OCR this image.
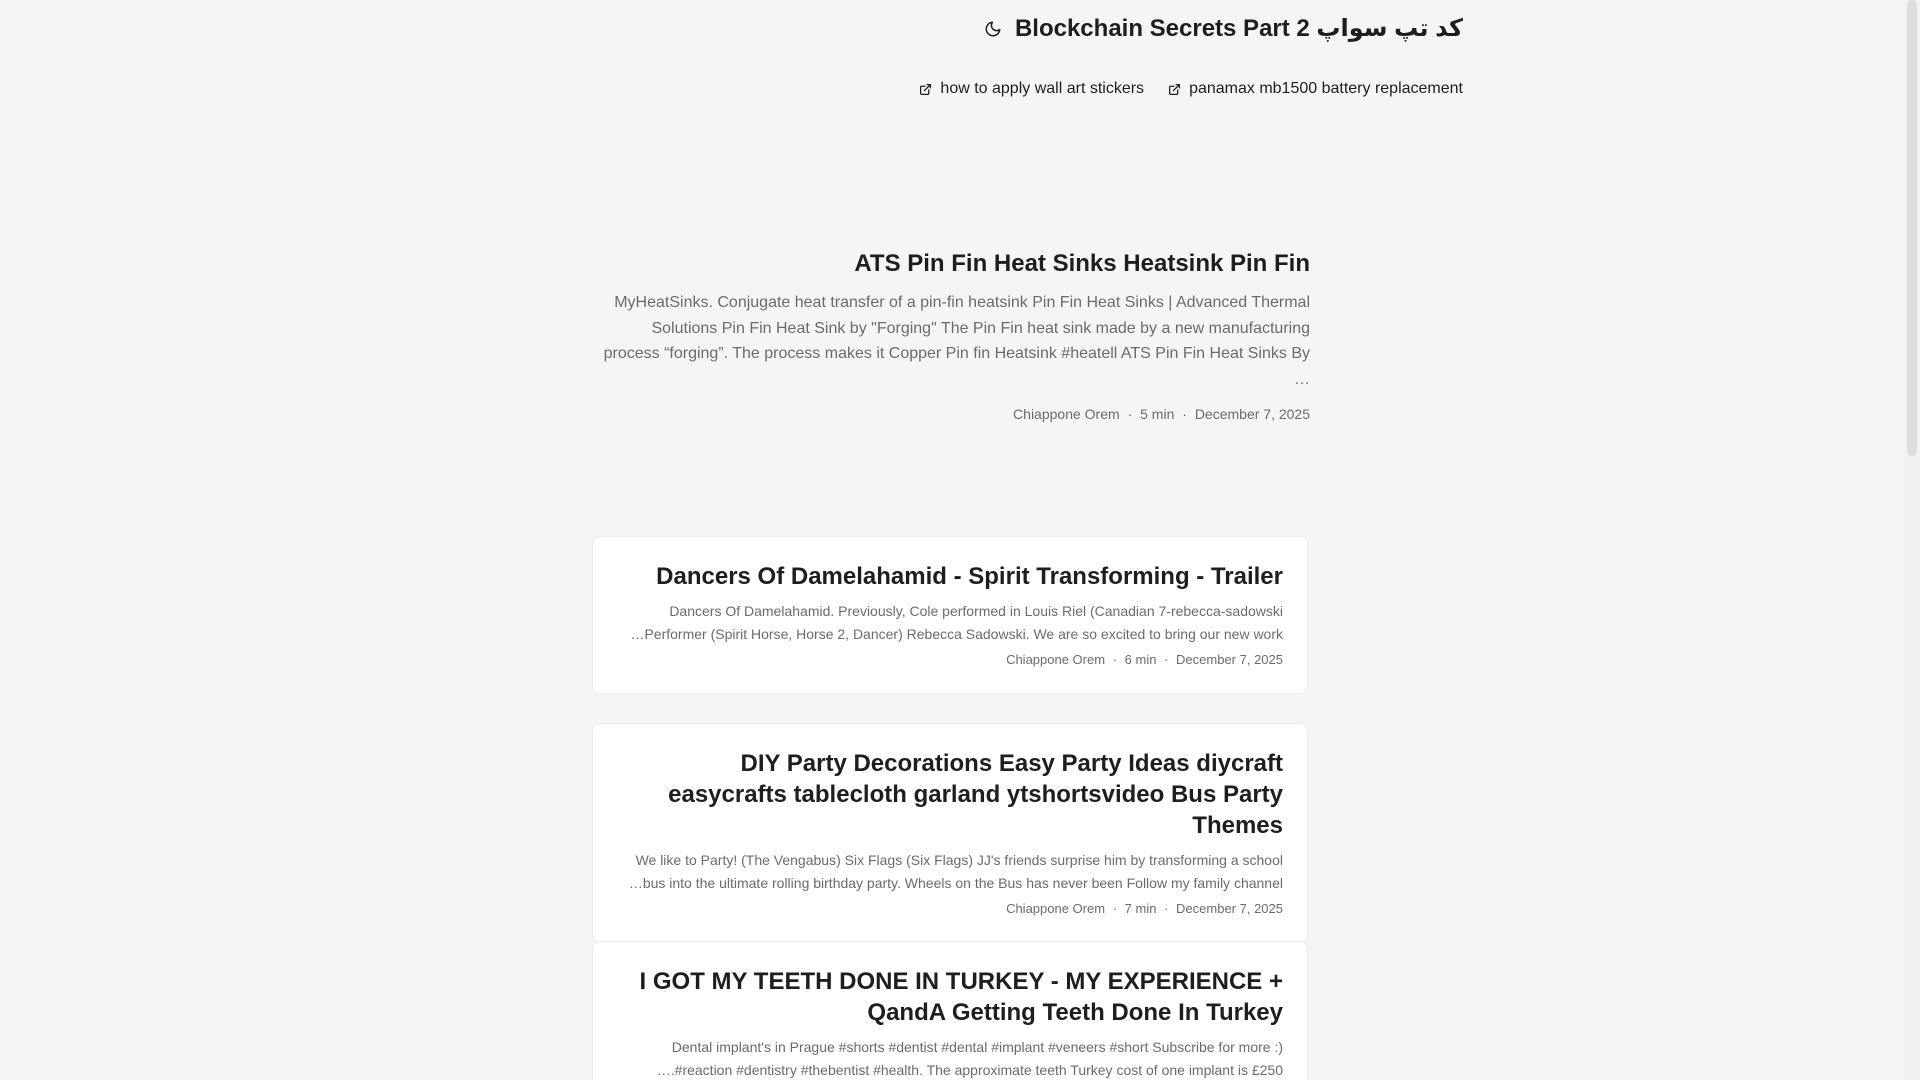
کد تپ سواپ Blockchain Secrets Part 2
panamax mb1500 battery replacement
how to apply wall art stickers
ATS Pin Fin Heat Sinks Heatsink Pin Fin

MyHeatSinks. Conjugate heat transfer of a pin-fin heatsink Pin Fin Heat Sinks | Advanced Thermal Solutions Pin Fin Heat Sink by "Forging" The Pin Fin heat sink made by a new manufacturing process “forging”. The process makes it Copper Pin fin Heatsink #heatell ATS Pin Fin Heat Sinks By …

Chiappone Orem · 5 min · December 7, 2025
Dancers Of Damelahamid - Spirit Transforming - Trailer

Dancers Of Damelahamid. Previously, Cole performed in Louis Riel (Canadian 7-rebecca-sadowski Performer (Spirit Horse, Horse 2, Dancer) Rebecca Sadowski. We are so excited to bring our new work…

Chiappone Orem · 6 min · December 7, 2025
DIY Party Decorations Easy Party Ideas diycraft easycrafts tablecloth garland ytshortsvideo Bus Party Themes

We like to Party! (The Vengabus) Six Flags (Six Flags) JJ's friends surprise him by transforming a school bus into the ultimate rolling birthday party. Wheels on the Bus has never been Follow my family channel…

Chiappone Orem · 7 min · December 7, 2025
I GOT MY TEETH DONE IN TURKEY - MY EXPERIENCE + QandA Getting Teeth Done In Turkey

Dental implant's in Prague #shorts #dentist #dental #implant #veneers #short Subscribe for more :) #reaction #dentistry #thebentist #health. The approximate teeth Turkey cost of one implant is £250.…
